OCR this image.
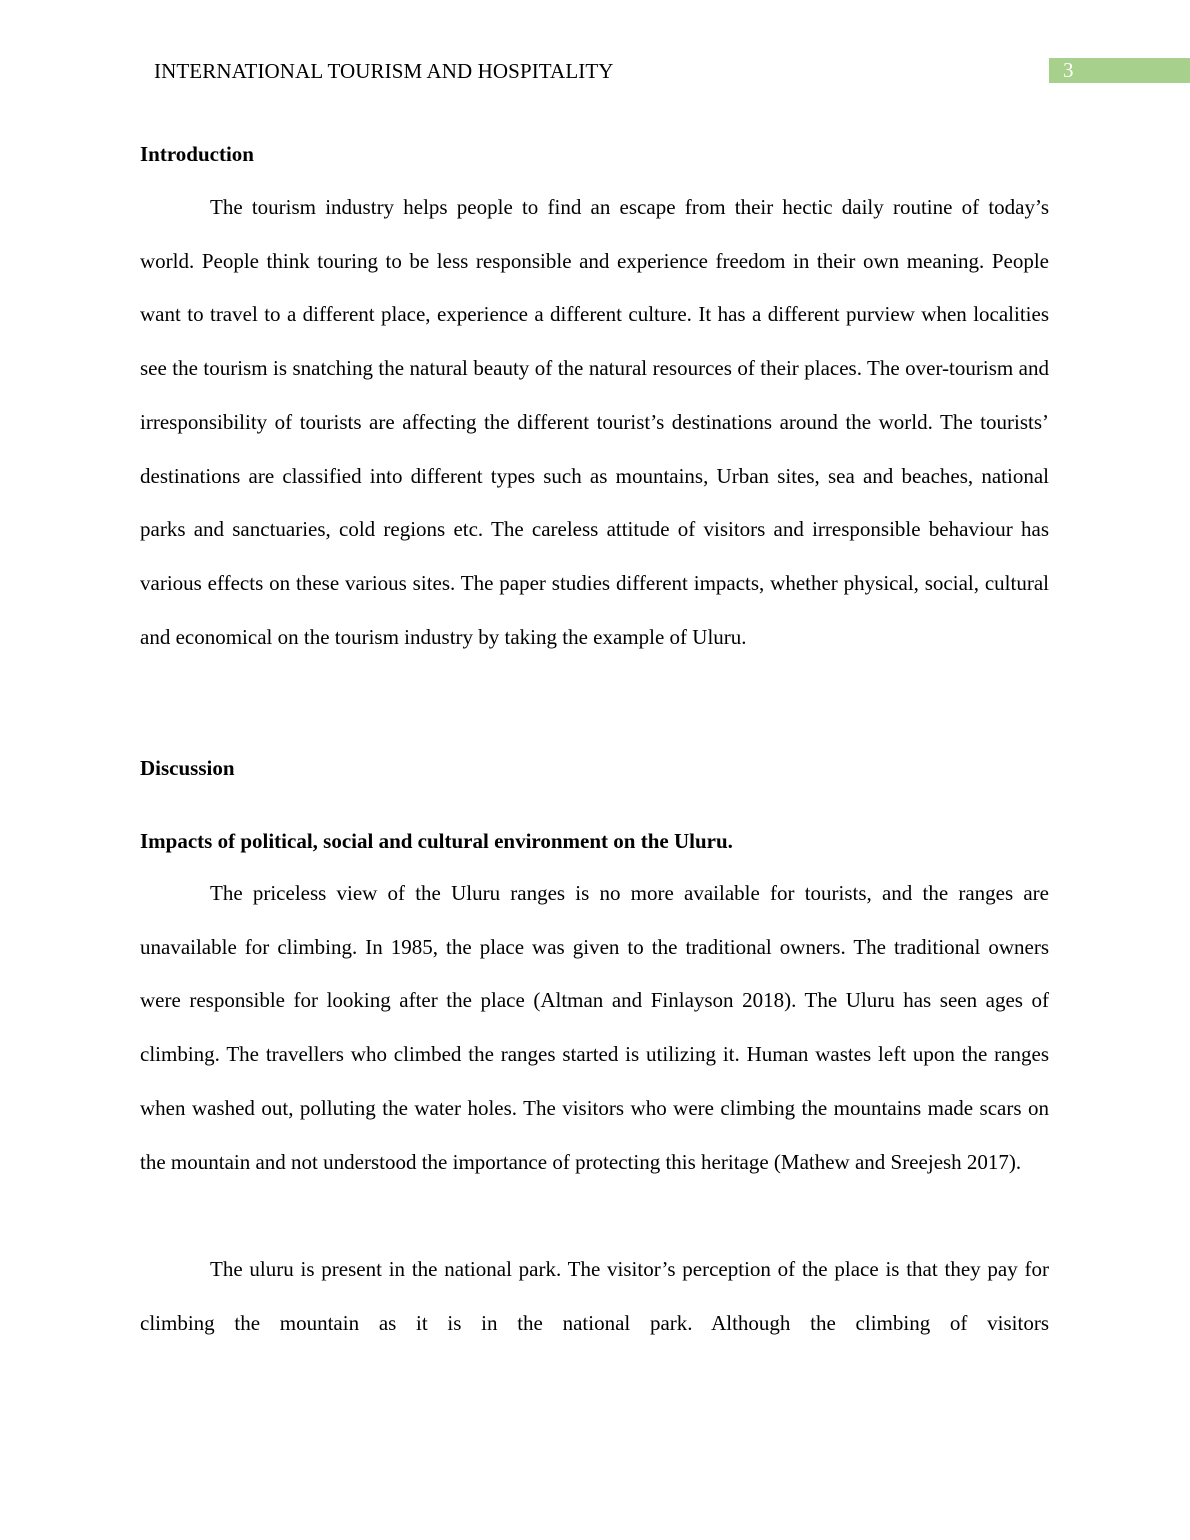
INTERNATIONAL TOURISM AND HOSPITALITY	3
Introduction

The tourism industry helps people to find an escape from their hectic daily routine of today’s world. People think touring to be less responsible and experience freedom in their own meaning. People want to travel to a different place, experience a different culture. It has a different purview when localities see the tourism is snatching the natural beauty of the natural resources of their places. The over-tourism and irresponsibility of tourists are affecting the different tourist’s destinations around the world. The tourists’ destinations are classified into different types such as mountains, Urban sites, sea and beaches, national parks and sanctuaries, cold regions etc. The careless attitude of visitors and irresponsible behaviour has various effects on these various sites. The paper studies different impacts, whether physical, social, cultural and economical on the tourism industry by taking the example of Uluru.

Discussion
Impacts of political, social and cultural environment on the Uluru.

The priceless view of the Uluru ranges is no more available for tourists, and the ranges are unavailable for climbing. In 1985, the place was given to the traditional owners. The traditional owners were responsible for looking after the place (Altman and Finlayson 2018). The Uluru has seen ages of climbing. The travellers who climbed the ranges started is utilizing it. Human wastes left upon the ranges when washed out, polluting the water holes. The visitors who were climbing the mountains made scars on the mountain and not understood the importance of protecting this heritage (Mathew and Sreejesh 2017).

The uluru is present in the national park. The visitor’s perception of the place is that they pay for climbing the mountain as it is in the national park. Although the climbing of visitors
